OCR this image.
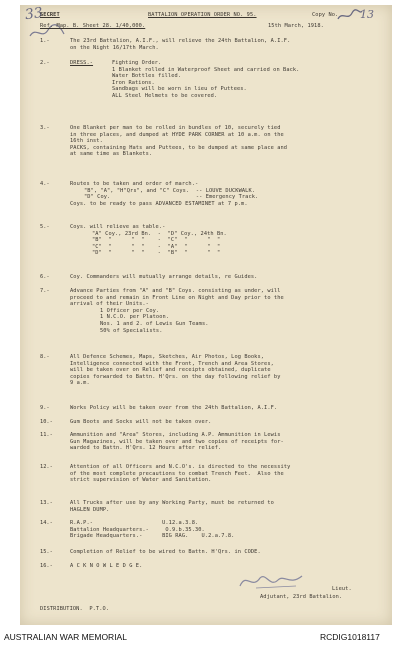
33
SECRET	BATTALION OPERATION ORDER NO. 95.	Copy No. 13
Ref. Map. B. Sheet 28. 1/40,000.	15th March, 1918.
1.-	The 23rd Battalion, A.I.F., will relieve the 24th Battalion, A.I.F.
on the Night 16/17th March.
2.-	DRESS.-	Fighting Order.
1 Blanket rolled in Waterproof Sheet and carried on Back.
Water Bottles filled.
Iron Rations.
Sandbags will be worn in lieu of Puttees.
ALL Steel Helmets to be covered.
3.-	One Blanket per man to be rolled in bundles of 10, securely tied
in three places, and dumped at HYDE PARK CORNER at 10 a.m. on the
16th inst.
PACKS, containing Hats and Puttees, to be dumped at same place and
at same time as Blankets.
4.-	Routes to be taken and order of march.-
"B", "A", "H"Qrs", and "C" Coys.  -- LOUVE DUCKWALK.
"D" Coy.                          -- Emergency Track.
Coys. to be ready to pass ADVANCED ESTAMINET at 7 p.m.
5.-	Coys. will relieve as table.-
"A" Coy., 23rd Bn.  -  "D" Coy., 24th Bn.
"B"  "      "  "    -  "C"  "      "  "
"C"  "      "  "    -  "A"  "      "  "
"D"  "      "  "    -  "B"  "      "  "
6.-	Coy. Commanders will mutually arrange details, re Guides.
7.-	Advance Parties from "A" and "B" Coys. consisting as under, will
proceed to and remain in Front Line on Night and Day prior to the
arrival of their Units.-
1 Officer per Coy.
1 N.C.O. per Platoon.
Nos. 1 and 2. of Lewis Gun Teams.
50% of Specialists.
8.-	All Defence Schemes, Maps, Sketches, Air Photos, Log Books,
Intelligence connected with the Front, Trench and Area Stores,
will be taken over on Relief and receipts obtained, duplicate
copies forwarded to Battn. H'Qrs. on the day following relief by
9 a.m.
9.-	Works Policy will be taken over from the 24th Battalion, A.I.F.
10.-	Gum Boots and Socks will not be taken over.
11.-	Ammunition and "Area" Stores, including A.P. Ammunition in Lewis
Gun Magazines, will be taken over and two copies of receipts for-
warded to Battn. H'Qrs. 12 Hours after relief.
12.-	Attention of all Officers and N.C.O's. is directed to the necessity
of the most complete precautions to combat Trench Feet.  Also the
strict supervision of Water and Sanitation.
13.-	All Trucks after use by any Working Party, must be returned to
HAGLEN DUMP.
14.-	R.A.P.-                     U.12.a.3.8.
Battalion Headquarters.-     O.9.b.35.30.
Brigade Headquarters.-      BIG RAG.    U.2.a.7.8.
15.-	Completion of Relief to be wired to Battn. H'Qrs. in CODE.
16.-	A C K N O W L E D G E.
Lieut.
Adjutant, 23rd Battalion.
DISTRIBUTION.  P.T.O.
AUSTRALIAN WAR MEMORIAL	RCDIG1018117
